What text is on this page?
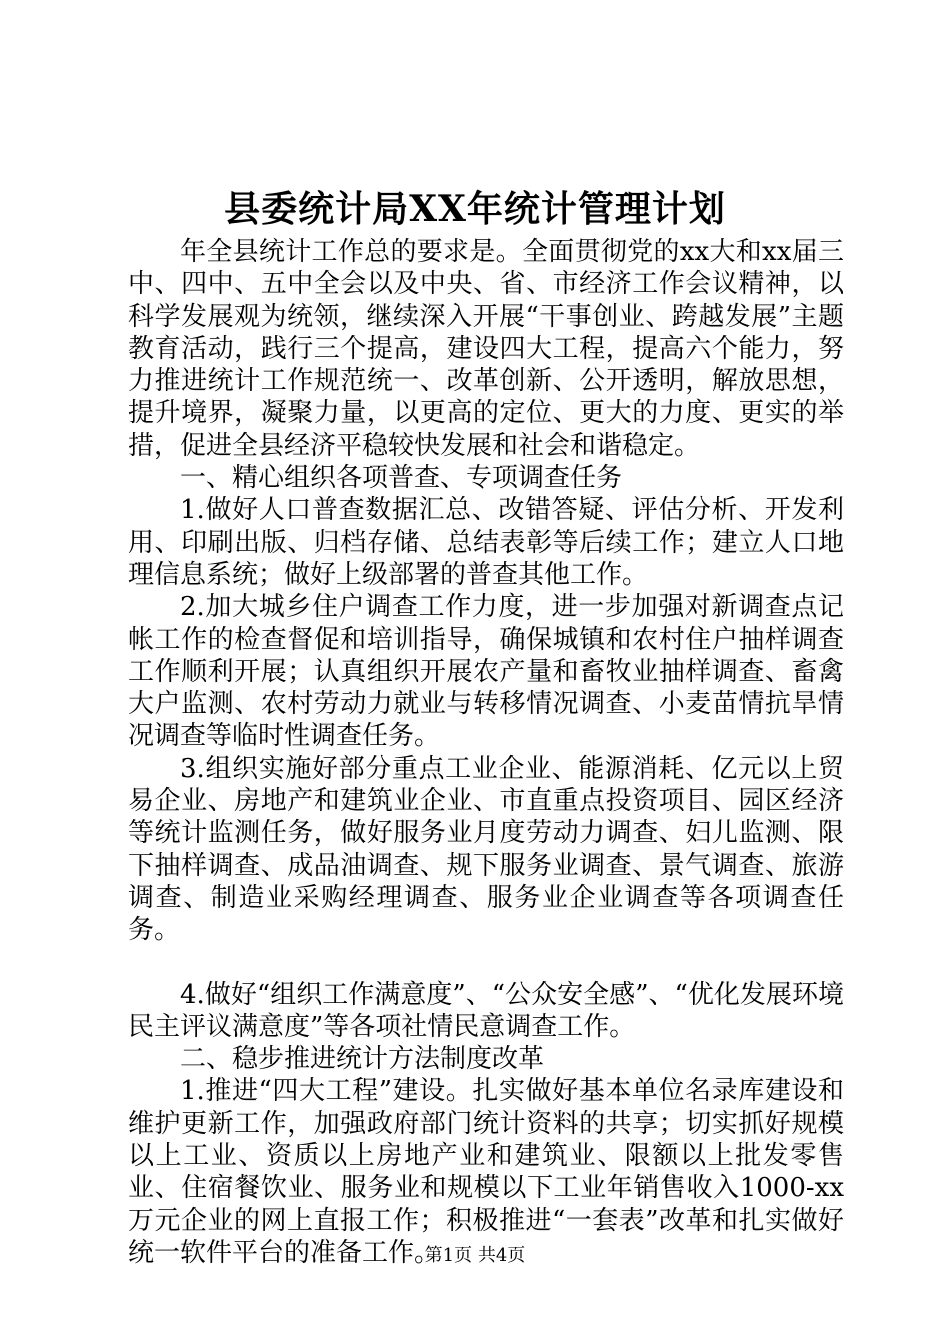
县委统计局XX年统计管理计划

年全县统计工作总的要求是。全面贯彻党的xx大和xx届三中、四中、五中全会以及中央、省、市经济工作会议精神，以科学发展观为统领，继续深入开展“干事创业、跨越发展”主题教育活动，践行三个提高，建设四大工程，提高六个能力，努力推进统计工作规范统一、改革创新、公开透明，解放思想，提升境界，凝聚力量，以更高的定位、更大的力度、更实的举措，促进全县经济平稳较快发展和社会和谐稳定。

一、精心组织各项普查、专项调查任务

1.做好人口普查数据汇总、改错答疑、评估分析、开发利用、印刷出版、归档存储、总结表彰等后续工作；建立人口地理信息系统；做好上级部署的普查其他工作。

2.加大城乡住户调查工作力度，进一步加强对新调查点记帐工作的检查督促和培训指导，确保城镇和农村住户抽样调查工作顺利开展；认真组织开展农产量和畜牧业抽样调查、畜禽大户监测、农村劳动力就业与转移情况调查、小麦苗情抗旱情况调查等临时性调查任务。

3.组织实施好部分重点工业企业、能源消耗、亿元以上贸易企业、房地产和建筑业企业、市直重点投资项目、园区经济等统计监测任务，做好服务业月度劳动力调查、妇儿监测、限下抽样调查、成品油调查、规下服务业调查、景气调查、旅游调查、制造业采购经理调查、服务业企业调查等各项调查任务。

4.做好“组织工作满意度”、“公众安全感”、“优化发展环境民主评议满意度”等各项社情民意调查工作。

二、稳步推进统计方法制度改革

1.推进“四大工程”建设。扎实做好基本单位名录库建设和维护更新工作，加强政府部门统计资料的共享；切实抓好规模以上工业、资质以上房地产业和建筑业、限额以上批发零售业、住宿餐饮业、服务业和规模以下工业年销售收入1000-xx万元企业的网上直报工作；积极推进“一套表”改革和扎实做好统一软件平台的准备工作。

第1页 共4页
